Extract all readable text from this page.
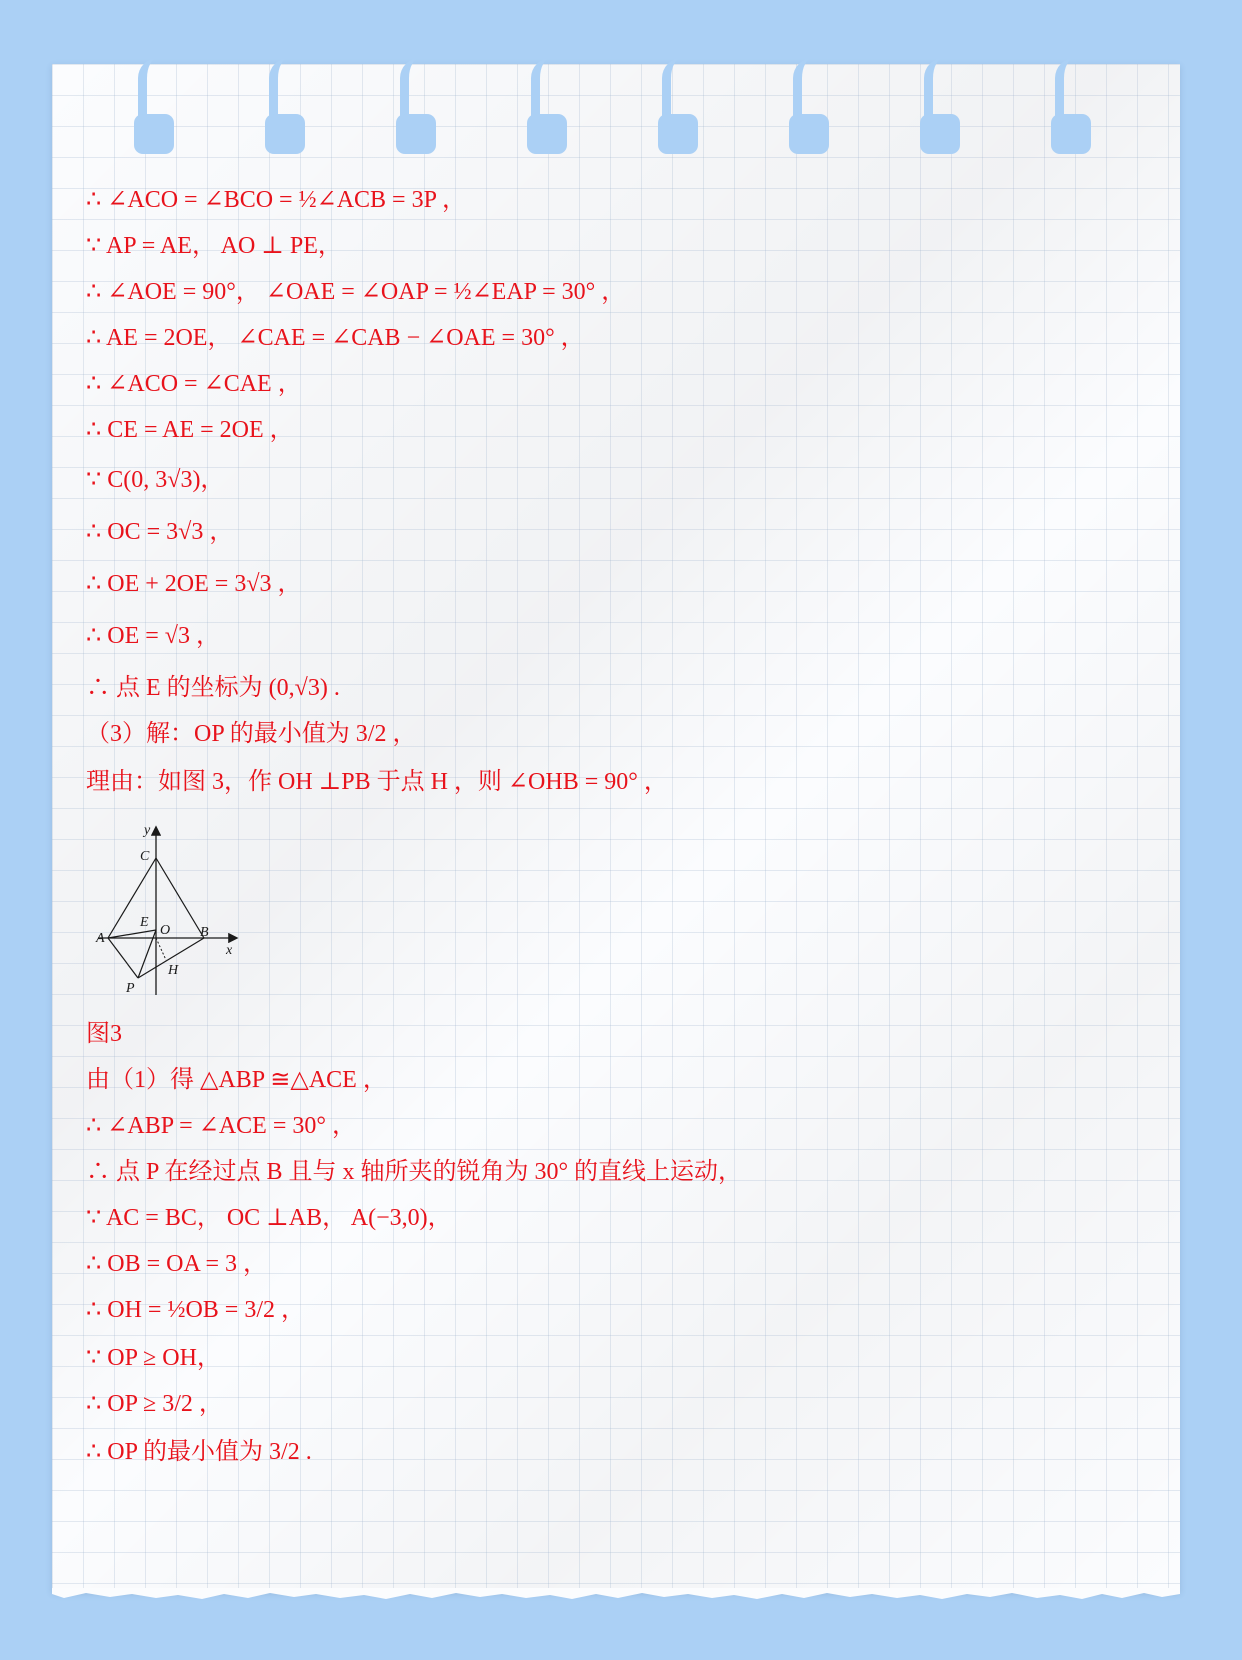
∴ ∠ACO = ∠BCO = ½∠ACB = 3P ，
∵ AP = AE， AO ⊥ PE，
∴ ∠AOE = 90°， ∠OAE = ∠OAP = ½∠EAP = 30° ，
∴ AE = 2OE， ∠CAE = ∠CAB − ∠OAE = 30° ，
∴ ∠ACO = ∠CAE ，
∴ CE = AE = 2OE ，
∵ C(0, 3√3)，
∴ OC = 3√3 ，
∴ OE + 2OE = 3√3 ，
∴ OE = √3 ，
∴ 点 E 的坐标为 (0,√3) .
（3）解：OP 的最小值为 3/2 ，
理由：如图 3，作 OH ⊥PB 于点 H ，则 ∠OHB = 90° ，
图3
由（1）得 △ABP ≅△ACE ，
∴ ∠ABP = ∠ACE = 30° ，
∴ 点 P 在经过点 B 且与 x 轴所夹的锐角为 30° 的直线上运动，
∵ AC = BC， OC ⊥AB， A(−3,0)，
∴ OB = OA = 3 ，
∴ OH = ½OB = 3/2 ，
∵ OP ≥ OH，
∴ OP ≥ 3/2 ，
∴ OP 的最小值为 3/2 .
y
C
E
A
O B
x
H
P
